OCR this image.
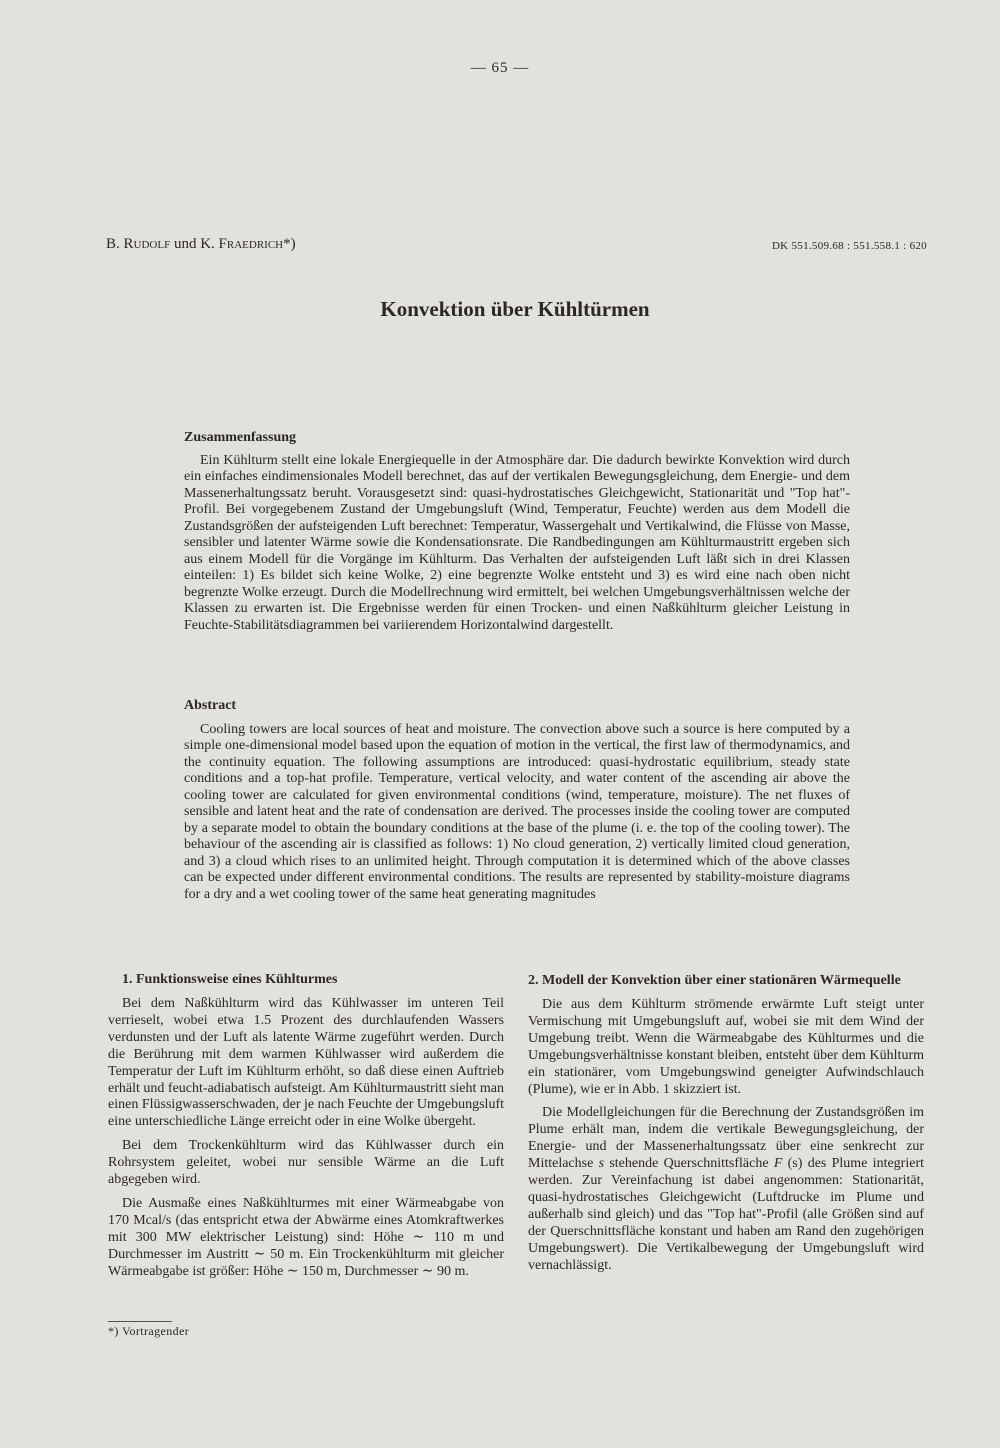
— 65 —
B. Rudolf und K. Fraedrich*)	DK 551.509.68 : 551.558.1 : 620
Konvektion über Kühltürmen

Zusammenfassung

Ein Kühlturm stellt eine lokale Energiequelle in der Atmosphäre dar. Die dadurch bewirkte Konvektion wird durch ein einfaches eindimensionales Modell berechnet, das auf der vertikalen Bewegungsgleichung, dem Energie- und dem Massenerhaltungssatz beruht. Vorausgesetzt sind: quasi-hydrostatisches Gleichgewicht, Stationarität und "Top hat"-Profil. Bei vorgegebenem Zustand der Umgebungsluft (Wind, Temperatur, Feuchte) werden aus dem Modell die Zustandsgrößen der aufsteigenden Luft berechnet: Temperatur, Wassergehalt und Vertikalwind, die Flüsse von Masse, sensibler und latenter Wärme sowie die Kondensationsrate. Die Randbedingungen am Kühlturmaustritt ergeben sich aus einem Modell für die Vorgänge im Kühlturm. Das Verhalten der aufsteigenden Luft läßt sich in drei Klassen einteilen: 1) Es bildet sich keine Wolke, 2) eine begrenzte Wolke entsteht und 3) es wird eine nach oben nicht begrenzte Wolke erzeugt. Durch die Modellrechnung wird ermittelt, bei welchen Umgebungsverhältnissen welche der Klassen zu erwarten ist. Die Ergebnisse werden für einen Trocken- und einen Naßkühlturm gleicher Leistung in Feuchte-Stabilitätsdiagrammen bei variierendem Horizontalwind dargestellt.

Abstract

Cooling towers are local sources of heat and moisture. The convection above such a source is here computed by a simple one-dimensional model based upon the equation of motion in the vertical, the first law of thermodynamics, and the continuity equation. The following assumptions are introduced: quasi-hydrostatic equilibrium, steady state conditions and a top-hat profile. Temperature, vertical velocity, and water content of the ascending air above the cooling tower are calculated for given environmental conditions (wind, temperature, moisture). The net fluxes of sensible and latent heat and the rate of condensation are derived. The processes inside the cooling tower are computed by a separate model to obtain the boundary conditions at the base of the plume (i. e. the top of the cooling tower). The behaviour of the ascending air is classified as follows: 1) No cloud generation, 2) vertically limited cloud generation, and 3) a cloud which rises to an unlimited height. Through computation it is determined which of the above classes can be expected under different environmental conditions. The results are represented by stability-moisture diagrams for a dry and a wet cooling tower of the same heat generating magnitudes

1. Funktionsweise eines Kühlturmes

Bei dem Naßkühlturm wird das Kühlwasser im unteren Teil verrieselt, wobei etwa 1.5 Prozent des durchlaufenden Wassers verdunsten und der Luft als latente Wärme zugeführt werden. Durch die Berührung mit dem warmen Kühlwasser wird außerdem die Temperatur der Luft im Kühlturm erhöht, so daß diese einen Auftrieb erhält und feucht-adiabatisch aufsteigt. Am Kühlturmaustritt sieht man einen Flüssigwasserschwaden, der je nach Feuchte der Umgebungsluft eine unterschiedliche Länge erreicht oder in eine Wolke übergeht.

Bei dem Trockenkühlturm wird das Kühlwasser durch ein Rohrsystem geleitet, wobei nur sensible Wärme an die Luft abgegeben wird.

Die Ausmaße eines Naßkühlturmes mit einer Wärmeabgabe von 170 Mcal/s (das entspricht etwa der Abwärme eines Atomkraftwerkes mit 300 MW elektrischer Leistung) sind: Höhe ∼ 110 m und Durchmesser im Austritt ∼ 50 m. Ein Trockenkühlturm mit gleicher Wärmeabgabe ist größer: Höhe ∼ 150 m, Durchmesser ∼ 90 m.

2. Modell der Konvektion über einer stationären Wärmequelle

Die aus dem Kühlturm strömende erwärmte Luft steigt unter Vermischung mit Umgebungsluft auf, wobei sie mit dem Wind der Umgebung treibt. Wenn die Wärmeabgabe des Kühlturmes und die Umgebungsverhältnisse konstant bleiben, entsteht über dem Kühlturm ein stationärer, vom Umgebungswind geneigter Aufwindschlauch (Plume), wie er in Abb. 1 skizziert ist.

Die Modellgleichungen für die Berechnung der Zustandsgrößen im Plume erhält man, indem die vertikale Bewegungsgleichung, der Energie- und der Massenerhaltungssatz über eine senkrecht zur Mittelachse s stehende Querschnittsfläche F (s) des Plume integriert werden. Zur Vereinfachung ist dabei angenommen: Stationarität, quasi-hydrostatisches Gleichgewicht (Luftdrucke im Plume und außerhalb sind gleich) und das "Top hat"-Profil (alle Größen sind auf der Querschnittsfläche konstant und haben am Rand den zugehörigen Umgebungswert). Die Vertikalbewegung der Umgebungsluft wird vernachlässigt.

*) Vortragender
